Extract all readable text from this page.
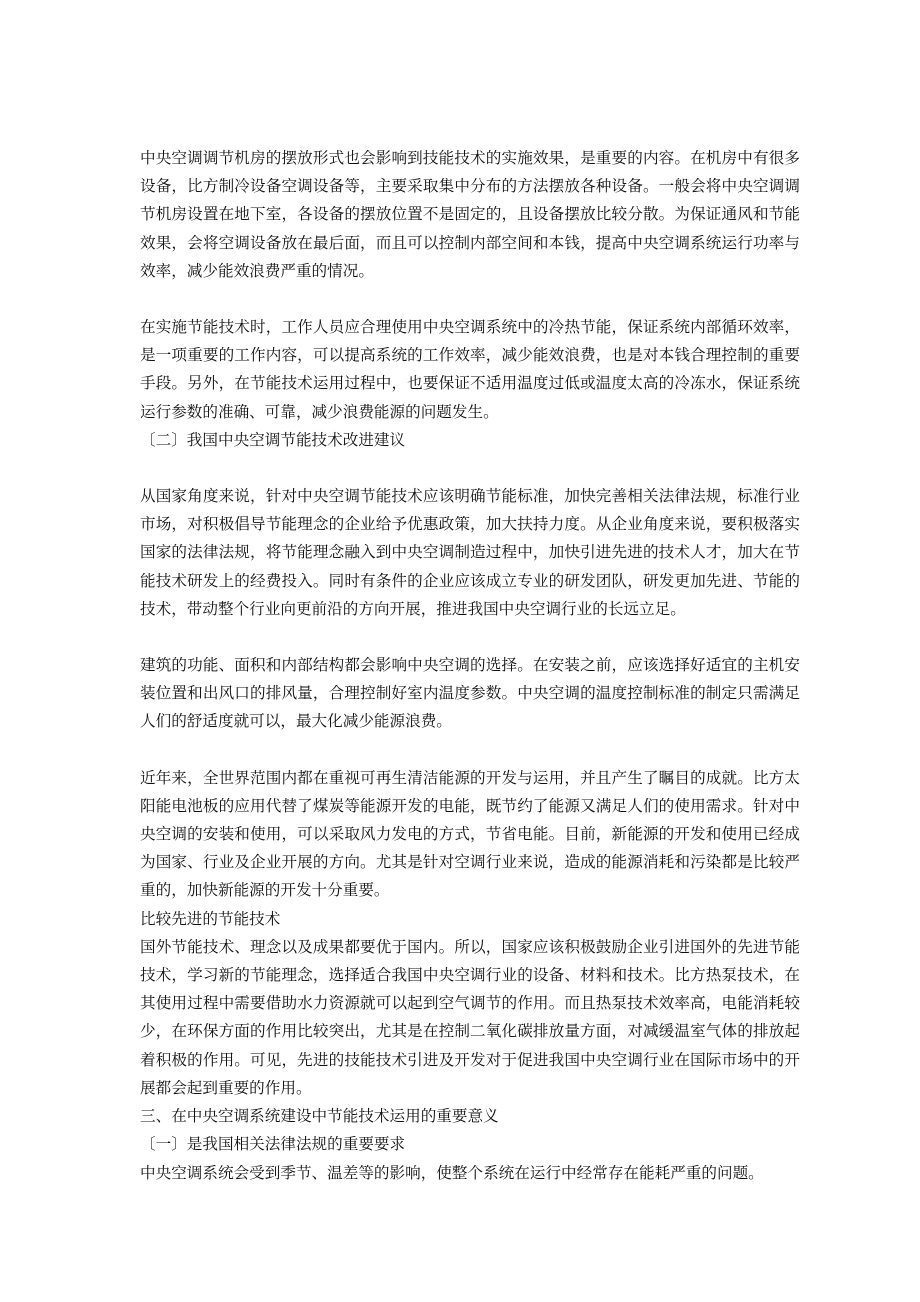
中央空调调节机房的摆放形式也会影响到技能技术的实施效果，是重要的内容。在机房中有很多设备，比方制冷设备空调设备等，主要采取集中分布的方法摆放各种设备。一般会将中央空调调节机房设置在地下室，各设备的摆放位置不是固定的，且设备摆放比较分散。为保证通风和节能效果，会将空调设备放在最后面，而且可以控制内部空间和本钱，提高中央空调系统运行功率与效率，减少能效浪费严重的情况。

在实施节能技术时，工作人员应合理使用中央空调系统中的冷热节能，保证系统内部循环效率，是一项重要的工作内容，可以提高系统的工作效率，减少能效浪费，也是对本钱合理控制的重要手段。另外，在节能技术运用过程中，也要保证不适用温度过低或温度太高的冷冻水，保证系统运行参数的准确、可靠，减少浪费能源的问题发生。

〔二〕我国中央空调节能技术改进建议

从国家角度来说，针对中央空调节能技术应该明确节能标准，加快完善相关法律法规，标准行业市场，对积极倡导节能理念的企业给予优惠政策，加大扶持力度。从企业角度来说，要积极落实国家的法律法规，将节能理念融入到中央空调制造过程中，加快引进先进的技术人才，加大在节能技术研发上的经费投入。同时有条件的企业应该成立专业的研发团队，研发更加先进、节能的技术，带动整个行业向更前沿的方向开展，推进我国中央空调行业的长远立足。

建筑的功能、面积和内部结构都会影响中央空调的选择。在安装之前，应该选择好适宜的主机安装位置和出风口的排风量，合理控制好室内温度参数。中央空调的温度控制标准的制定只需满足人们的舒适度就可以，最大化减少能源浪费。

近年来，全世界范围内都在重视可再生清洁能源的开发与运用，并且产生了瞩目的成就。比方太阳能电池板的应用代替了煤炭等能源开发的电能，既节约了能源又满足人们的使用需求。针对中央空调的安装和使用，可以采取风力发电的方式，节省电能。目前，新能源的开发和使用已经成为国家、行业及企业开展的方向。尤其是针对空调行业来说，造成的能源消耗和污染都是比较严重的，加快新能源的开发十分重要。

比较先进的节能技术

国外节能技术、理念以及成果都要优于国内。所以，国家应该积极鼓励企业引进国外的先进节能技术，学习新的节能理念，选择适合我国中央空调行业的设备、材料和技术。比方热泵技术，在其使用过程中需要借助水力资源就可以起到空气调节的作用。而且热泵技术效率高，电能消耗较少，在环保方面的作用比较突出，尤其是在控制二氧化碳排放量方面，对减缓温室气体的排放起着积极的作用。可见，先进的技能技术引进及开发对于促进我国中央空调行业在国际市场中的开展都会起到重要的作用。

三、在中央空调系统建设中节能技术运用的重要意义

〔一〕是我国相关法律法规的重要要求

中央空调系统会受到季节、温差等的影响，使整个系统在运行中经常存在能耗严重的问题。
